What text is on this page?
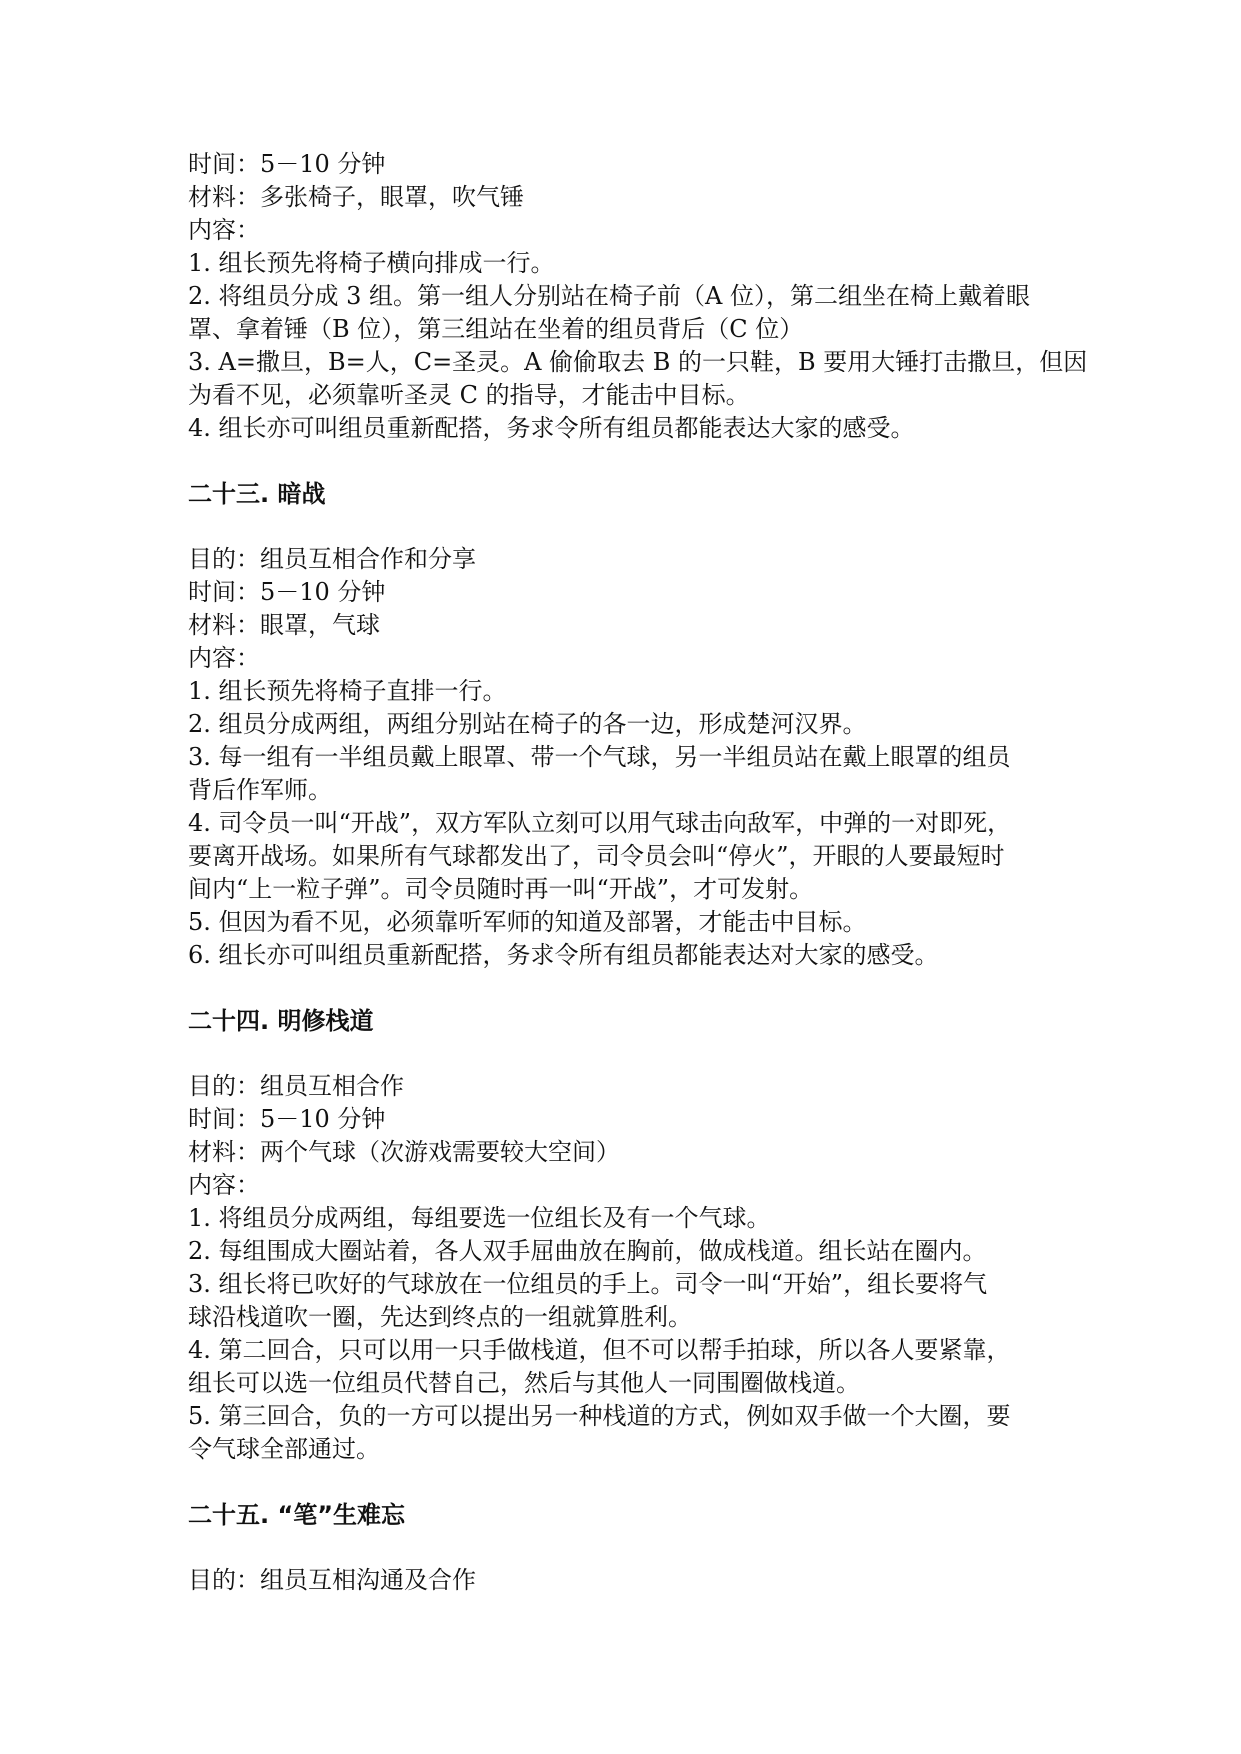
时间：5－10 分钟

材料：多张椅子，眼罩，吹气锤

内容：

1. 组长预先将椅子横向排成一行。

2. 将组员分成 3 组。第一组人分别站在椅子前（A 位），第二组坐在椅上戴着眼

罩、拿着锤（B 位），第三组站在坐着的组员背后（C 位）

3. A=撒旦，B=人，C=圣灵。A 偷偷取去 B 的一只鞋，B 要用大锤打击撒旦，但因

为看不见，必须靠听圣灵 C 的指导，才能击中目标。

4. 组长亦可叫组员重新配搭，务求令所有组员都能表达大家的感受。

二十三. 暗战

目的：组员互相合作和分享

时间：5－10 分钟

材料：眼罩，气球

内容：

1. 组长预先将椅子直排一行。

2. 组员分成两组，两组分别站在椅子的各一边，形成楚河汉界。

3. 每一组有一半组员戴上眼罩、带一个气球，另一半组员站在戴上眼罩的组员

背后作军师。

4. 司令员一叫“开战”，双方军队立刻可以用气球击向敌军，中弹的一对即死，

要离开战场。如果所有气球都发出了，司令员会叫“停火”，开眼的人要最短时

间内“上一粒子弹”。司令员随时再一叫“开战”，才可发射。

5. 但因为看不见，必须靠听军师的知道及部署，才能击中目标。

6. 组长亦可叫组员重新配搭，务求令所有组员都能表达对大家的感受。

二十四. 明修栈道

目的：组员互相合作

时间：5－10 分钟

材料：两个气球（次游戏需要较大空间）

内容：

1. 将组员分成两组，每组要选一位组长及有一个气球。

2. 每组围成大圈站着，各人双手屈曲放在胸前，做成栈道。组长站在圈内。

3. 组长将已吹好的气球放在一位组员的手上。司令一叫“开始”，组长要将气

球沿栈道吹一圈，先达到终点的一组就算胜利。

4. 第二回合，只可以用一只手做栈道，但不可以帮手拍球，所以各人要紧靠，

组长可以选一位组员代替自己，然后与其他人一同围圈做栈道。

5. 第三回合，负的一方可以提出另一种栈道的方式，例如双手做一个大圈，要

令气球全部通过。

二十五. “笔”生难忘

目的：组员互相沟通及合作
